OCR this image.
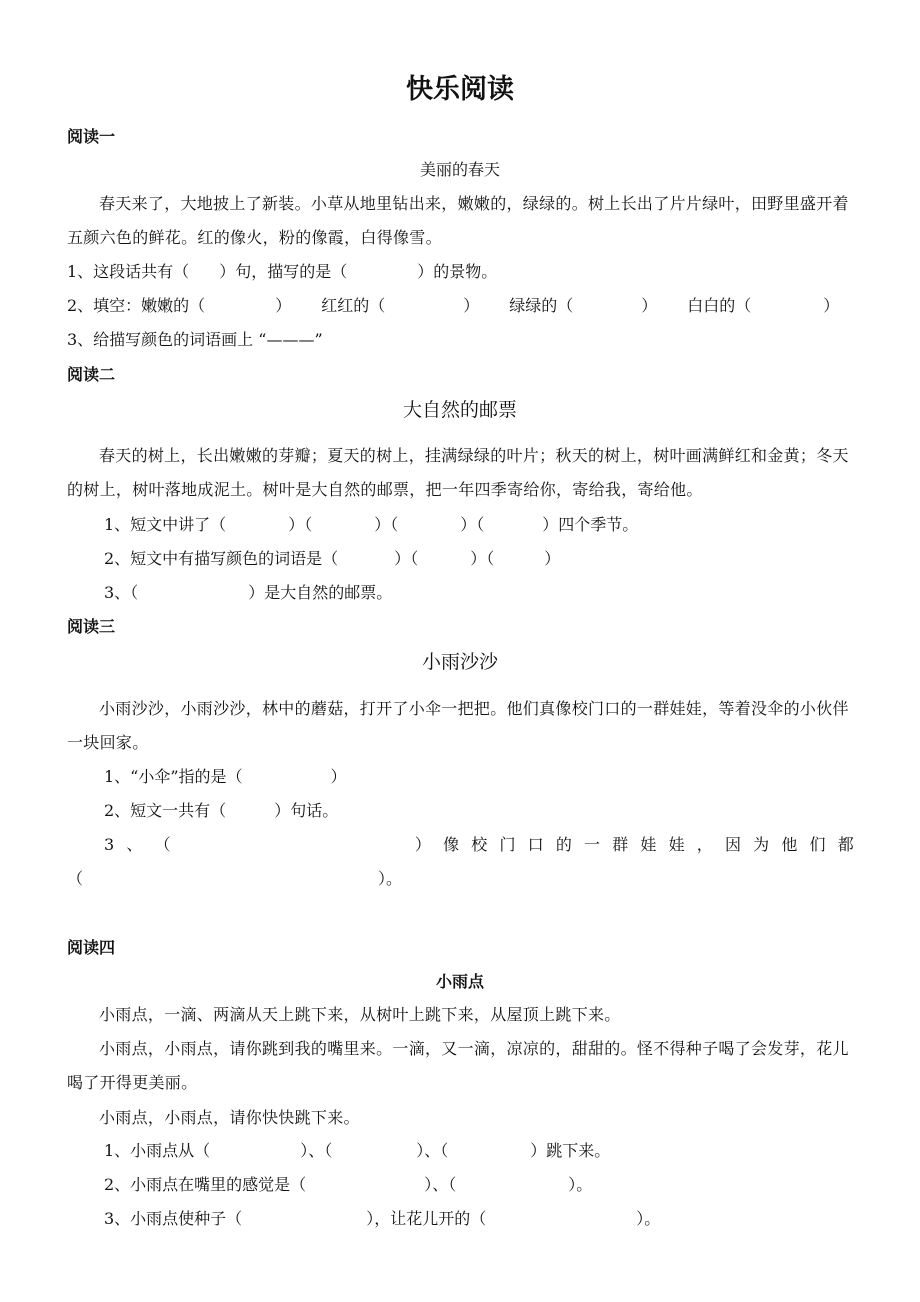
快乐阅读
阅读一
美丽的春天
春天来了，大地披上了新装。小草从地里钻出来，嫩嫩的，绿绿的。树上长出了片片绿叶，田野里盛开着五颜六色的鲜花。红的像火，粉的像霞，白得像雪。
1、这段话共有（ ）句，描写的是（	）的景物。
2、填空：嫩嫩的（	） 红红的（	） 绿绿的（	） 白白的（	）
3、给描写颜色的词语画上 “———”
阅读二
大自然的邮票
春天的树上，长出嫩嫩的芽瓣；夏天的树上，挂满绿绿的叶片；秋天的树上，树叶画满鲜红和金黄；冬天的树上，树叶落地成泥土。树叶是大自然的邮票，把一年四季寄给你，寄给我，寄给他。
1、短文中讲了（	）（	）（	）（	）四个季节。
2、短文中有描写颜色的词语是（	）（	）（	）
3、（	）是大自然的邮票。
阅读三
小雨沙沙
小雨沙沙，小雨沙沙，林中的蘑菇，打开了小伞一把把。他们真像校门口的一群娃娃，等着没伞的小伙伴一块回家。
1、“小伞”指的是（	）
2、短文一共有（	）句话。
3 、 （	） 像 校 门 口 的 一 群 娃 娃 ， 因 为 他 们 都
（	）。
阅读四
小雨点
小雨点，一滴、两滴从天上跳下来，从树叶上跳下来，从屋顶上跳下来。
小雨点，小雨点，请你跳到我的嘴里来。一滴，又一滴，凉凉的，甜甜的。怪不得种子喝了会发芽，花儿喝了开得更美丽。
小雨点，小雨点，请你快快跳下来。
1、小雨点从（	）、（	）、（	）跳下来。
2、小雨点在嘴里的感觉是（	）、（	）。
3、小雨点使种子（	），让花儿开的（	）。
